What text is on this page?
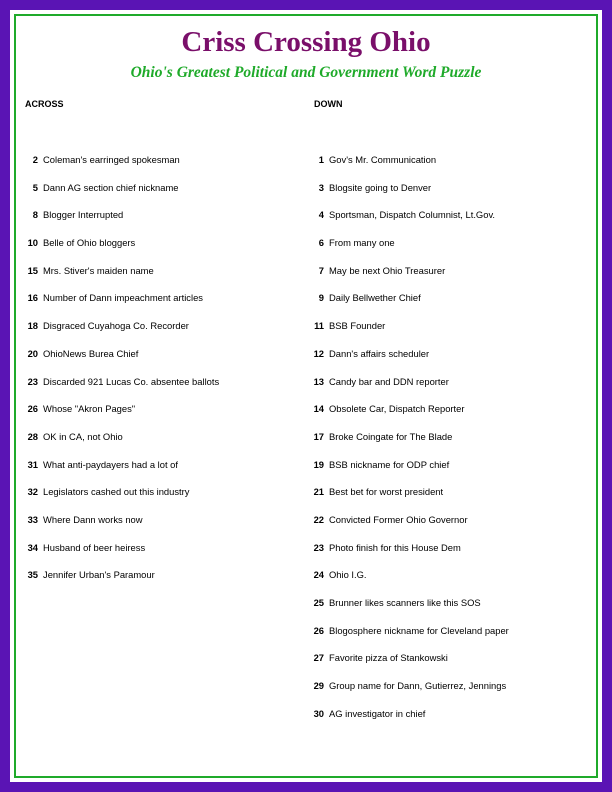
Criss Crossing Ohio
Ohio's Greatest Political and Government Word Puzzle
ACROSS	DOWN
2 Coleman's earringed spokesman
5 Dann AG section chief nickname
8 Blogger Interrupted
10 Belle of Ohio bloggers
15 Mrs. Stiver's maiden name
16 Number of Dann impeachment articles
18 Disgraced Cuyahoga Co. Recorder
20 OhioNews Burea Chief
23 Discarded 921 Lucas Co. absentee ballots
26 Whose "Akron Pages"
28 OK in CA, not Ohio
31 What anti-paydayers had a lot of
32 Legislators cashed out this industry
33 Where Dann works now
34 Husband of beer heiress
35 Jennifer Urban's Paramour
1 Gov's Mr. Communication
3 Blogsite going to Denver
4 Sportsman, Dispatch Columnist, Lt.Gov.
6 From many one
7 May be next Ohio Treasurer
9 Daily Bellwether Chief
11 BSB Founder
12 Dann's affairs scheduler
13 Candy bar and DDN reporter
14 Obsolete Car, Dispatch Reporter
17 Broke Coingate for The Blade
19 BSB nickname for ODP chief
21 Best bet for worst president
22 Convicted Former Ohio Governor
23 Photo finish for this House Dem
24 Ohio I.G.
25 Brunner likes scanners like this SOS
26 Blogosphere nickname for Cleveland paper
27 Favorite pizza of Stankowski
29 Group name for Dann, Gutierrez, Jennings
30 AG investigator in chief
